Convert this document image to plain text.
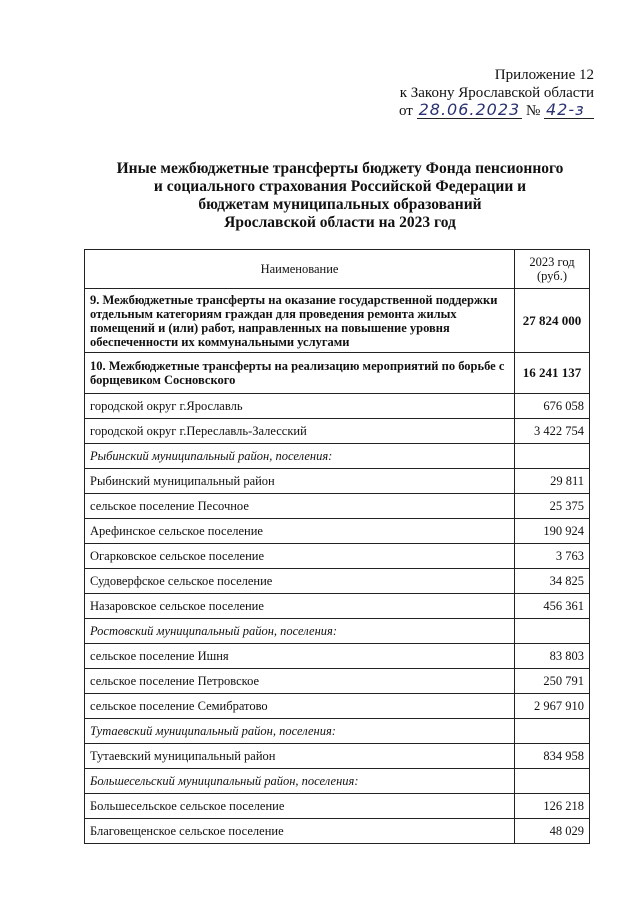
Приложение 12
к Закону Ярославской области
от 28.06.2023 № 42-з
Иные межбюджетные трансферты бюджету Фонда пенсионного
и социального страхования Российской Федерации и
бюджетам муниципальных образований
Ярославской области на 2023 год
Наименование	2023 год
(руб.)
9. Межбюджетные трансферты на оказание государственной поддержки отдельным категориям граждан для проведения ремонта жилых помещений и (или) работ, направленных на повышение уровня обеспеченности их коммунальными услугами	27 824 000
10. Межбюджетные трансферты на реализацию мероприятий по борьбе с борщевиком Сосновского	16 241 137
городской округ г.Ярославль	676 058
городской округ г.Переславль-Залесский	3 422 754
Рыбинский муниципальный район, поселения:	
Рыбинский муниципальный район	29 811
сельское поселение Песочное	25 375
Арефинское сельское поселение	190 924
Огарковское сельское поселение	3 763
Судоверфское сельское поселение	34 825
Назаровское сельское поселение	456 361
Ростовский муниципальный район, поселения:	
сельское поселение Ишня	83 803
сельское поселение Петровское	250 791
сельское поселение Семибратово	2 967 910
Тутаевский муниципальный район, поселения:	
Тутаевский муниципальный район	834 958
Большесельский муниципальный район, поселения:	
Большесельское сельское поселение	126 218
Благовещенское сельское поселение	48 029
